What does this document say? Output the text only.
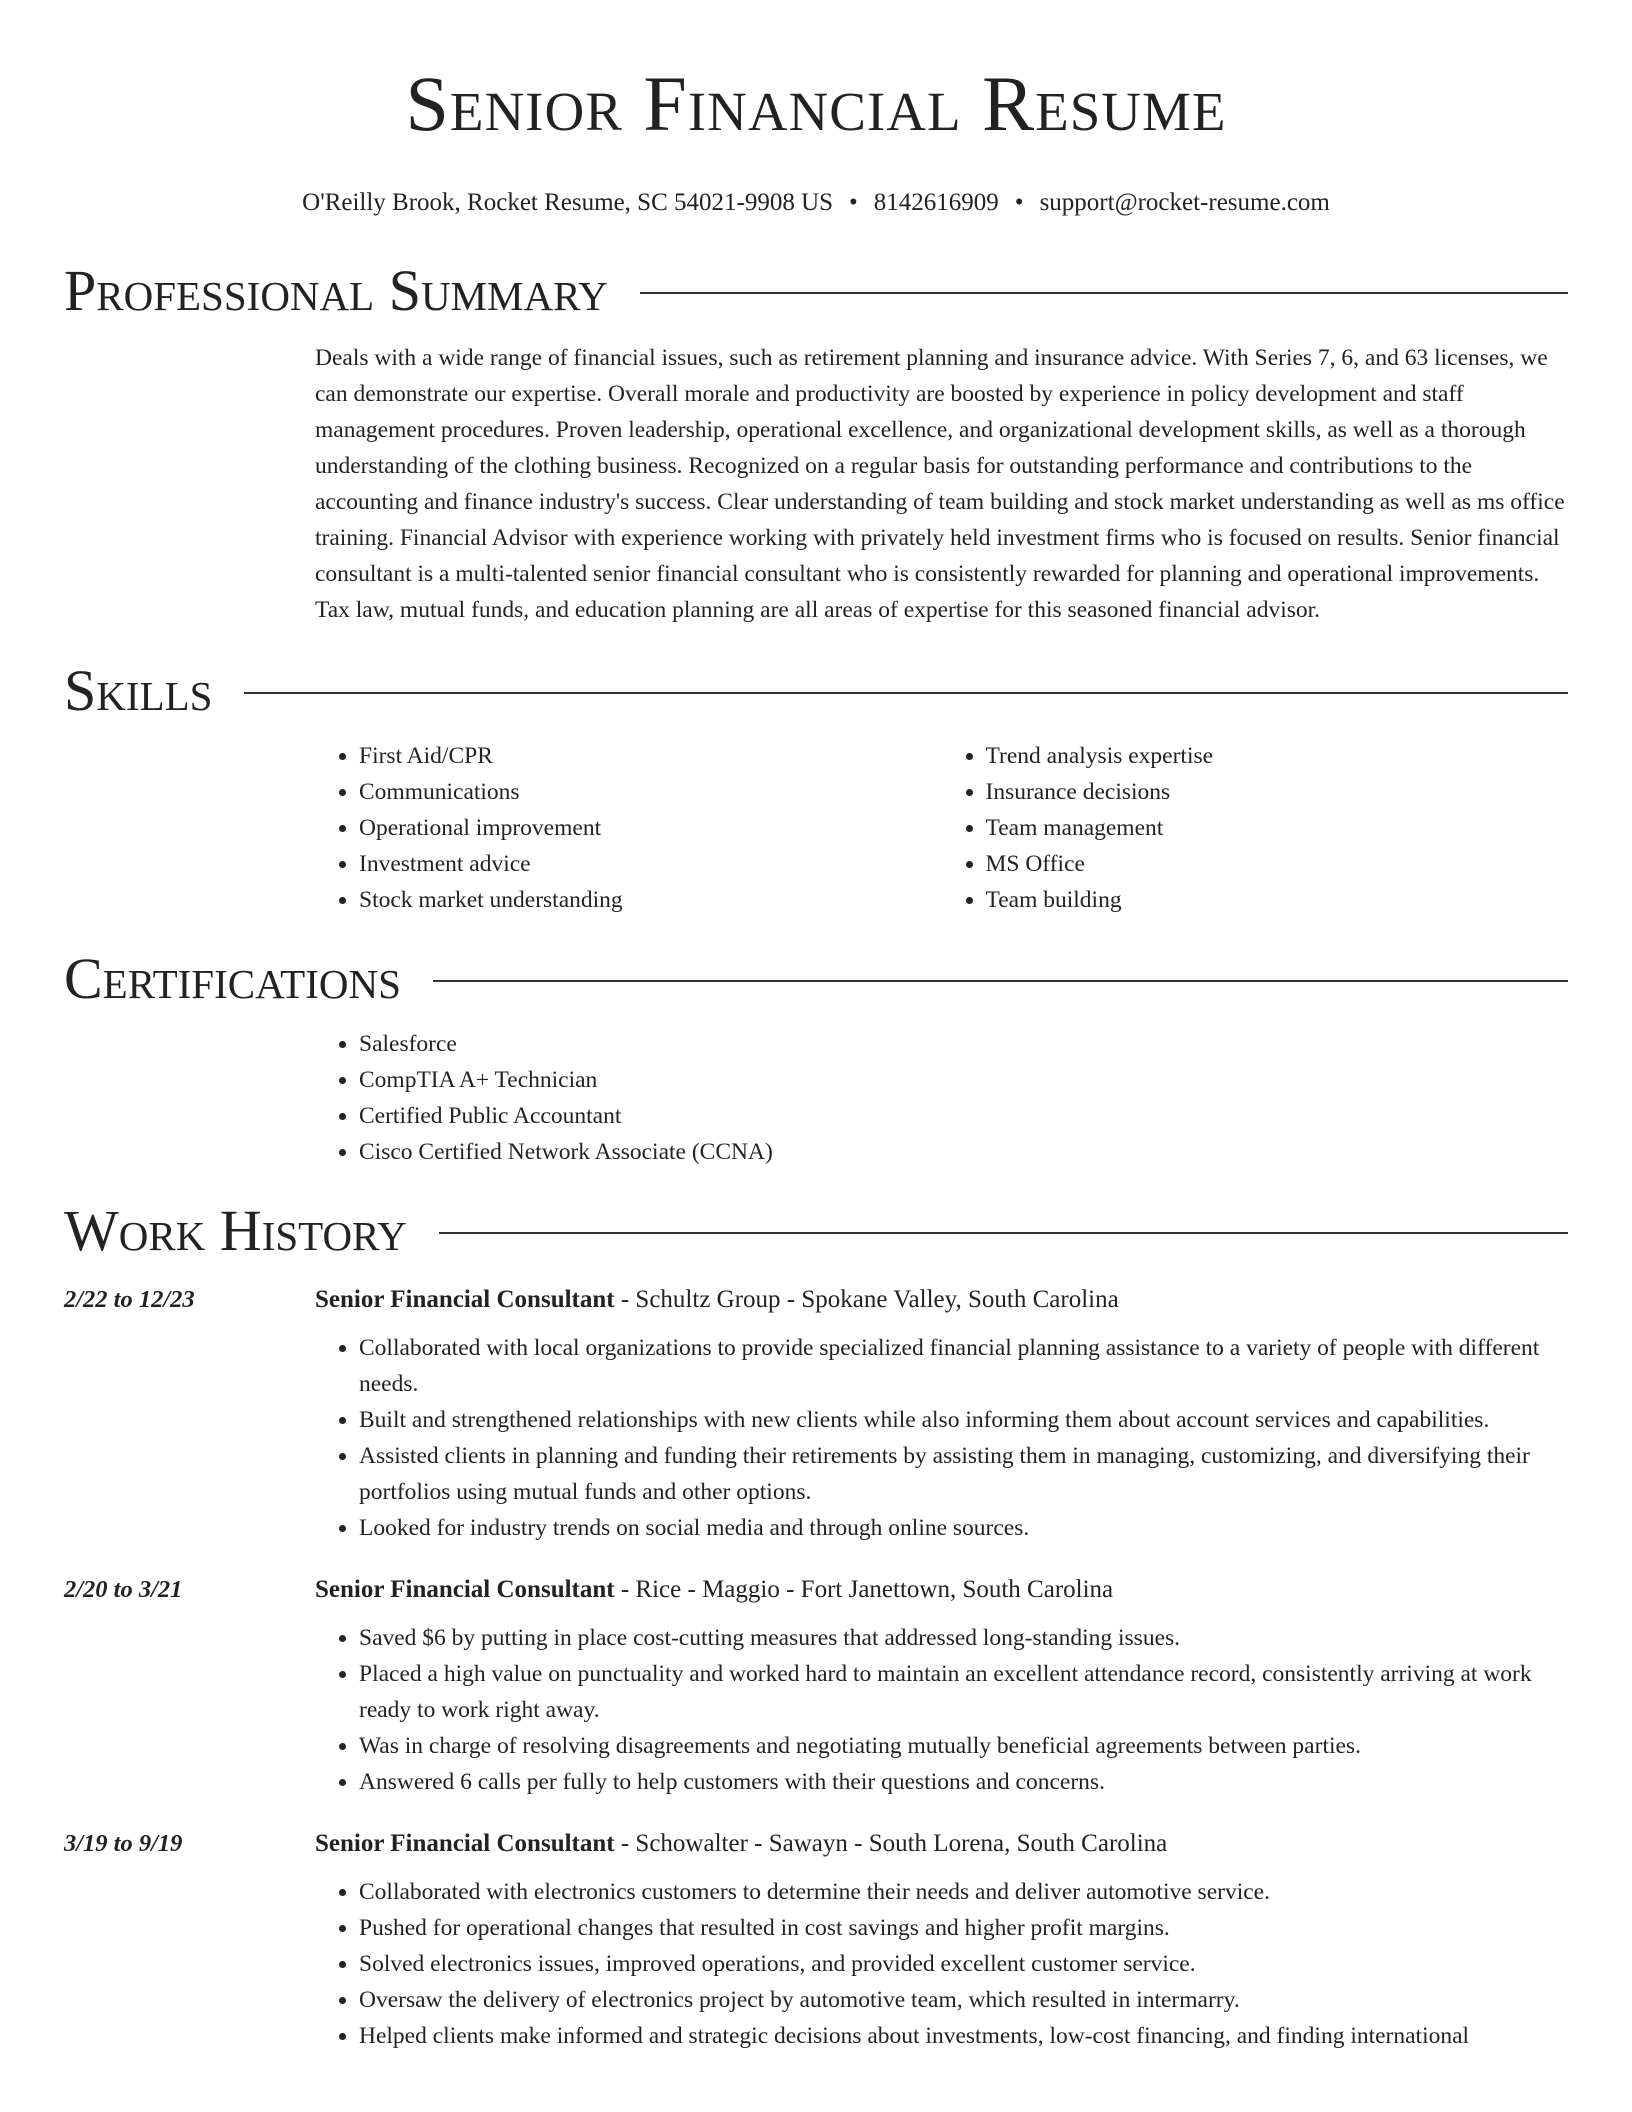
Senior Financial Resume
O'Reilly Brook, Rocket Resume, SC 54021-9908 US • 8142616909 • support@rocket-resume.com
Professional Summary
Deals with a wide range of financial issues, such as retirement planning and insurance advice. With Series 7, 6, and 63 licenses, we can demonstrate our expertise. Overall morale and productivity are boosted by experience in policy development and staff management procedures. Proven leadership, operational excellence, and organizational development skills, as well as a thorough understanding of the clothing business. Recognized on a regular basis for outstanding performance and contributions to the accounting and finance industry's success. Clear understanding of team building and stock market understanding as well as ms office training. Financial Advisor with experience working with privately held investment firms who is focused on results. Senior financial consultant is a multi-talented senior financial consultant who is consistently rewarded for planning and operational improvements. Tax law, mutual funds, and education planning are all areas of expertise for this seasoned financial advisor.
Skills
• First Aid/CPR
• Communications
• Operational improvement
• Investment advice
• Stock market understanding
• Trend analysis expertise
• Insurance decisions
• Team management
• MS Office
• Team building
Certifications
• Salesforce
• CompTIA A+ Technician
• Certified Public Accountant
• Cisco Certified Network Associate (CCNA)
Work History
2/22 to 12/23	Senior Financial Consultant - Schultz Group - Spokane Valley, South Carolina
• Collaborated with local organizations to provide specialized financial planning assistance to a variety of people with different needs.
• Built and strengthened relationships with new clients while also informing them about account services and capabilities.
• Assisted clients in planning and funding their retirements by assisting them in managing, customizing, and diversifying their portfolios using mutual funds and other options.
• Looked for industry trends on social media and through online sources.
2/20 to 3/21	Senior Financial Consultant - Rice - Maggio - Fort Janettown, South Carolina
• Saved $6 by putting in place cost-cutting measures that addressed long-standing issues.
• Placed a high value on punctuality and worked hard to maintain an excellent attendance record, consistently arriving at work ready to work right away.
• Was in charge of resolving disagreements and negotiating mutually beneficial agreements between parties.
• Answered 6 calls per fully to help customers with their questions and concerns.
3/19 to 9/19	Senior Financial Consultant - Schowalter - Sawayn - South Lorena, South Carolina
• Collaborated with electronics customers to determine their needs and deliver automotive service.
• Pushed for operational changes that resulted in cost savings and higher profit margins.
• Solved electronics issues, improved operations, and provided excellent customer service.
• Oversaw the delivery of electronics project by automotive team, which resulted in intermarry.
• Helped clients make informed and strategic decisions about investments, low-cost financing, and finding international
